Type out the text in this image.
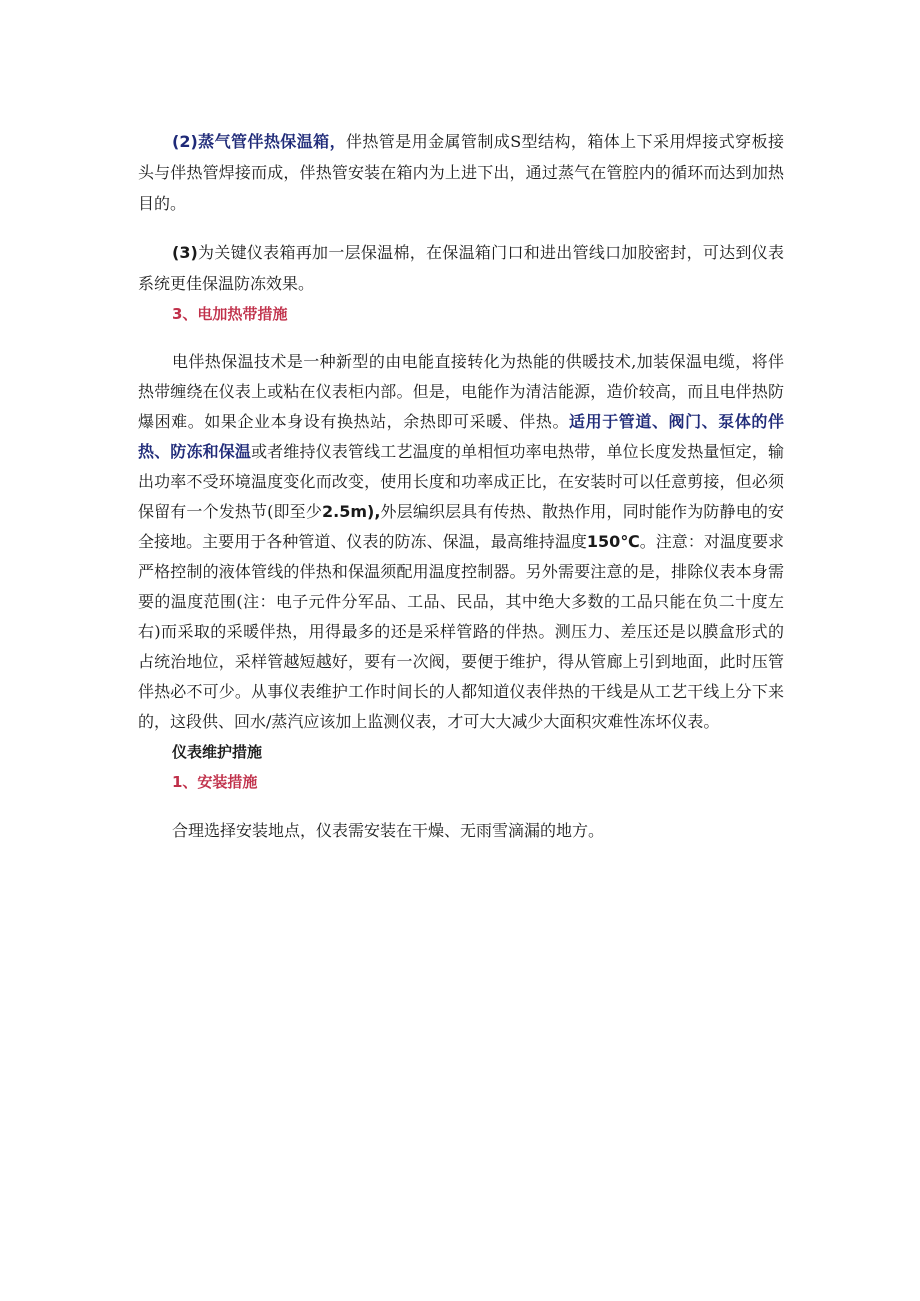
(2)蒸气管伴热保温箱，伴热管是用金属管制成S型结构，箱体上下采用焊接式穿板接头与伴热管焊接而成，伴热管安装在箱内为上进下出，通过蒸气在管腔内的循环而达到加热目的。

(3)为关键仪表箱再加一层保温棉，在保温箱门口和进出管线口加胶密封，可达到仪表系统更佳保温防冻效果。

3、电加热带措施

电伴热保温技术是一种新型的由电能直接转化为热能的供暖技术,加装保温电缆，将伴热带缠绕在仪表上或粘在仪表柜内部。但是，电能作为清洁能源，造价较高，而且电伴热防爆困难。如果企业本身设有换热站，余热即可采暖、伴热。适用于管道、阀门、泵体的伴热、防冻和保温或者维持仪表管线工艺温度的单相恒功率电热带，单位长度发热量恒定，输出功率不受环境温度变化而改变，使用长度和功率成正比，在安装时可以任意剪接，但必须保留有一个发热节(即至少2.5m),外层编织层具有传热、散热作用，同时能作为防静电的安全接地。主要用于各种管道、仪表的防冻、保温，最高维持温度150℃。注意：对温度要求严格控制的液体管线的伴热和保温须配用温度控制器。另外需要注意的是，排除仪表本身需要的温度范围(注：电子元件分军品、工品、民品，其中绝大多数的工品只能在负二十度左右)而采取的采暖伴热，用得最多的还是采样管路的伴热。测压力、差压还是以膜盒形式的占统治地位，采样管越短越好，要有一次阀，要便于维护，得从管廊上引到地面，此时压管伴热必不可少。从事仪表维护工作时间长的人都知道仪表伴热的干线是从工艺干线上分下来的，这段供、回水/蒸汽应该加上监测仪表，才可大大减少大面积灾难性冻坏仪表。

仪表维护措施

1、安装措施

合理选择安装地点，仪表需安装在干燥、无雨雪滴漏的地方。
